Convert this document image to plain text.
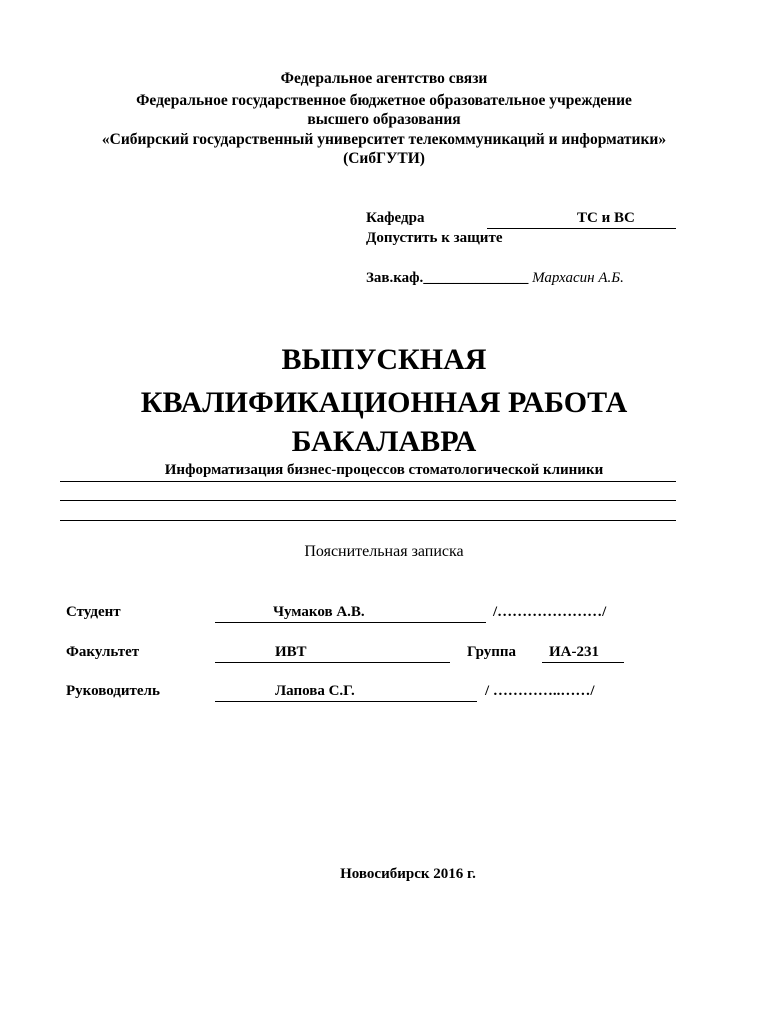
Федеральное агентство связи
Федеральное государственное бюджетное образовательное учреждение
высшего образования
«Сибирский государственный университет телекоммуникаций и информатики»
(СибГУТИ)
Кафедра	ТС и ВС
Допустить к защите
Зав.каф.______________ Мархасин А.Б.
ВЫПУСКНАЯ
КВАЛИФИКАЦИОННАЯ РАБОТА
БАКАЛАВРА
Информатизация бизнес-процессов стоматологической клиники
Пояснительная записка
Студент	Чумаков А.В.	/…………………/
Факультет	ИВТ	Группа ИА-231
Руководитель	Лапова С.Г.	/ …………..……/
Новосибирск 2016 г.
